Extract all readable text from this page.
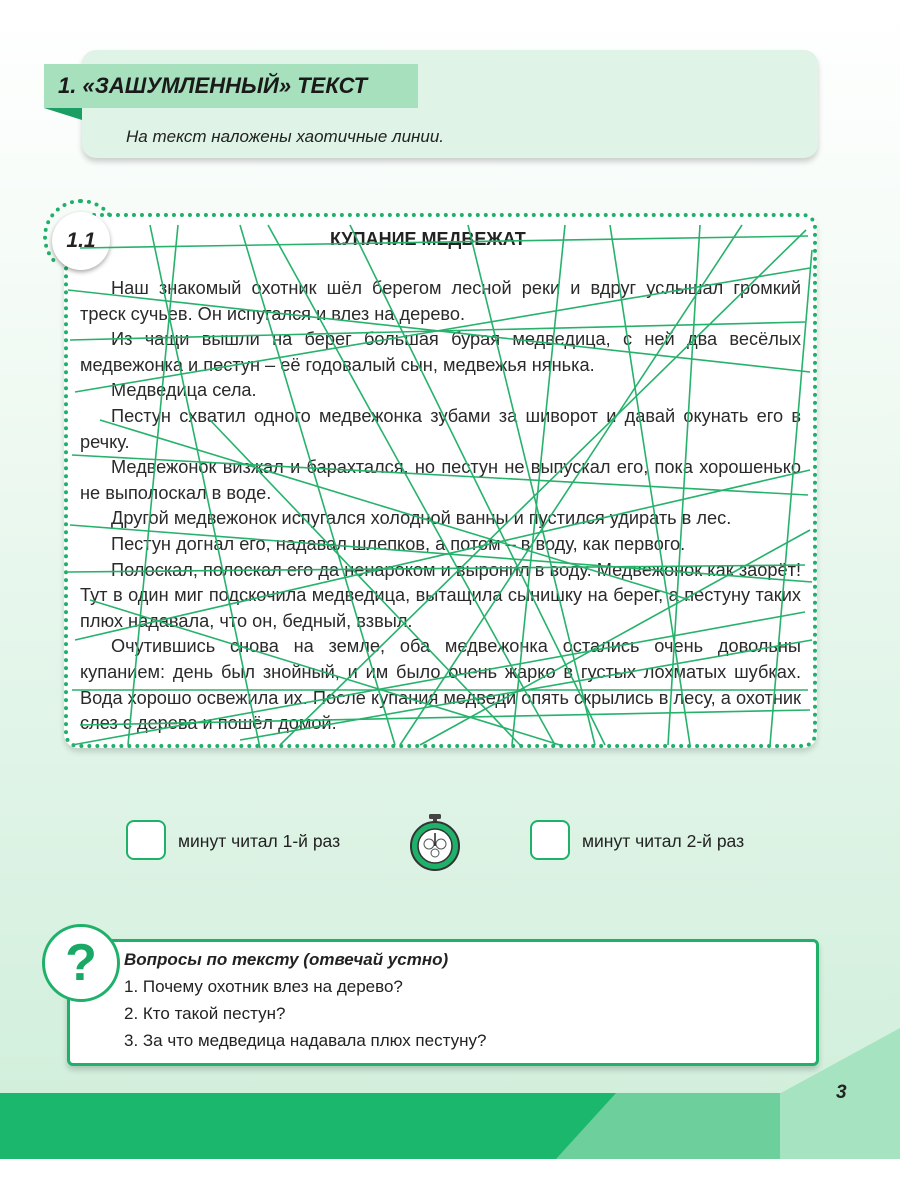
1. «ЗАШУМЛЕННЫЙ» ТЕКСТ
На текст наложены хаотичные линии.
1.1	КУПАНИЕ МЕДВЕЖАТ

Наш знакомый охотник шёл берегом лесной реки и вдруг услышал громкий треск сучьев. Он испугался и влез на дерево.

Из чащи вышли на берег большая бурая медведица, с ней два весёлых медвежонка и пестун – её годовалый сын, медвежья нянька.

Медведица села.

Пестун схватил одного медвежонка зубами за шиворот и давай окунать его в речку.

Медвежонок визжал и барахтался, но пестун не выпускал его, пока хорошенько не выполоскал в воде.

Другой медвежонок испугался холодной ванны и пустился удирать в лес.

Пестун догнал его, надавал шлепков, а потом – в воду, как первого.

Полоскал, полоскал его да ненароком и выронил в воду. Медвежонок как заорёт! Тут в один миг подскочила медведица, вытащила сынишку на берег, а пестуну таких плюх надавала, что он, бедный, взвыл.

Очутившись снова на земле, оба медвежонка остались очень довольны купанием: день был знойный, и им было очень жарко в густых лохматых шубках. Вода хорошо освежила их. После купания медведи опять скрылись в лесу, а охотник слез с дерева и пошёл домой.

минут читал 1-й раз	минут читал 2-й раз
?	Вопросы по тексту (отвечай устно)
1. Почему охотник влез на дерево?
2. Кто такой пестун?
3. За что медведица надавала плюх пестуну?
3
